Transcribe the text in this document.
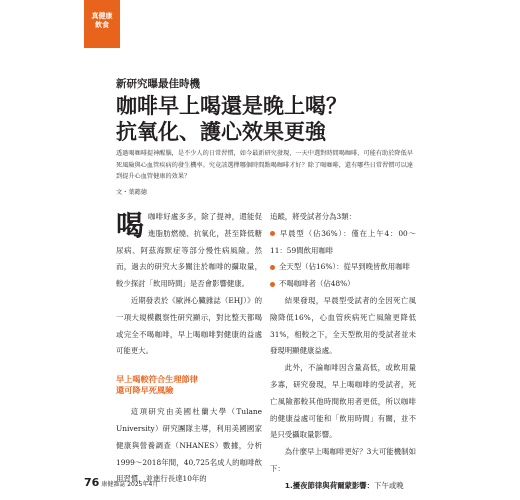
真健康
飲食
新研究曝最佳時機
咖啡早上喝還是晚上喝？
抗氧化、護心效果更強
透過喝咖啡提神醒腦，是不少人的日常習慣，如今最新研究發現，一天中選對時間喝咖啡，可能有助於降低早死風險與心血管疾病的發生機率。究竟該選擇哪個時間點喝咖啡才好？除了喝咖啡，還有哪些日常習慣可以達到提升心血管健康的效果？
文・葉懿德

喝咖啡好處多多，除了提神，還能促進脂肪燃燒、抗氧化，甚至降低糖尿病、阿茲海默症等部分慢性病風險。然而，過去的研究大多關注於咖啡的攝取量，較少探討「飲用時間」是否會影響健康。

近期發表於《歐洲心臟雜誌（EHJ）》的一項大規模觀察性研究顯示，對比整天都喝或完全不喝咖啡，早上喝咖啡對健康的益處可能更大。

早上喝較符合生理節律
還可降早死風險

這項研究由美國杜蘭大學（Tulane University）研究團隊主導，利用美國國家健康與營養調查（NHANES）數據，分析1999～2018年間，40,725名成人的咖啡飲用習慣，並進行長達10年的

追蹤，將受試者分為3類：

早晨型（佔36%）：僅在上午4：00～11：59間飲用咖啡

全天型（佔16%）：從早到晚皆飲用咖啡

不喝咖啡者（佔48%）

結果發現，早晨型受試者的全因死亡風險降低16%，心血管疾病死亡風險更降低31%，相較之下，全天型飲用的受試者並未發現明顯健康益處。

此外，不論咖啡因含量高低，或飲用量多寡，研究發現，早上喝咖啡的受試者，死亡風險都較其他時間飲用者更低，所以咖啡的健康益處可能和「飲用時間」有關，並不是只受攝取量影響。

為什麼早上喝咖啡更好？3大可能機制如下：

1.擾夜節律與荷爾蒙影響：下午或晚

76 康健雜誌 2025年4月
